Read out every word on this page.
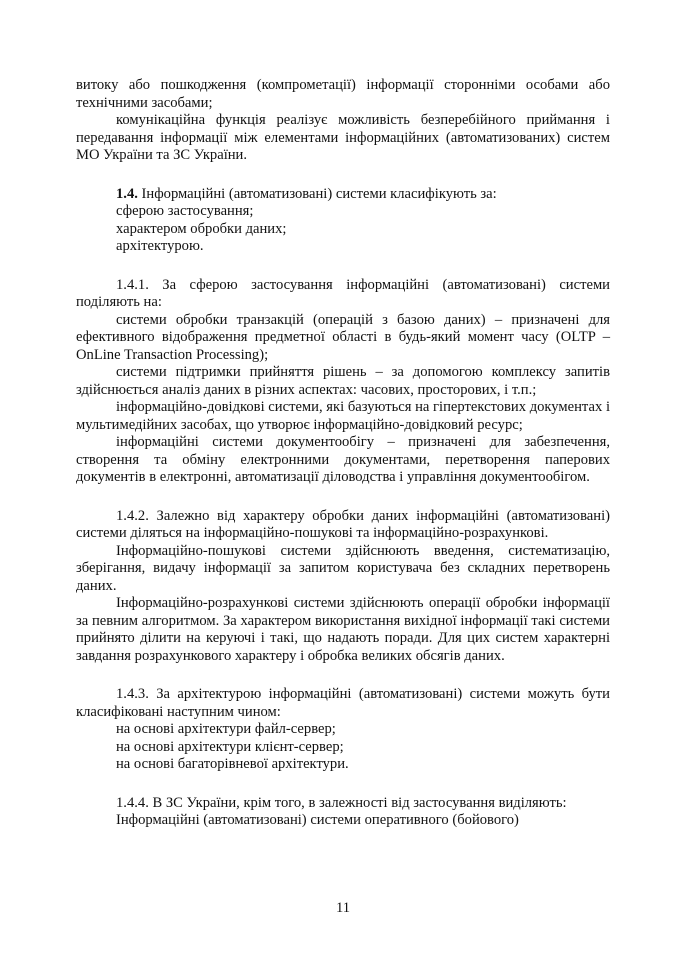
витоку або пошкодження (компрометації) інформації сторонніми особами або технічними засобами;

комунікаційна функція реалізує можливість безперебійного приймання і передавання інформації між елементами інформаційних (автоматизованих) систем МО України та ЗС України.

1.4. Інформаційні (автоматизовані) системи класифікують за:

сферою застосування;

характером обробки даних;

архітектурою.

1.4.1. За сферою застосування інформаційні (автоматизовані) системи поділяють на:

системи обробки транзакцій (операцій з базою даних) – призначені для ефективного відображення предметної області в будь-який момент часу (OLTP – OnLine Transaction Processing);

системи підтримки прийняття рішень – за допомогою комплексу запитів здійснюється аналіз даних в різних аспектах: часових, просторових, і т.п.;

інформаційно-довідкові системи, які базуються на гіпертекстових документах і мультимедійних засобах, що утворює інформаційно-довідковий ресурс;

інформаційні системи документообігу – призначені для забезпечення, створення та обміну електронними документами, перетворення паперових документів в електронні, автоматизації діловодства і управління документообігом.

1.4.2. Залежно від характеру обробки даних інформаційні (автоматизовані) системи діляться на інформаційно-пошукові та інформаційно-розрахункові.

Інформаційно-пошукові системи здійснюють введення, систематизацію, зберігання, видачу інформації за запитом користувача без складних перетворень даних.

Інформаційно-розрахункові системи здійснюють операції обробки інформації за певним алгоритмом. За характером використання вихідної інформації такі системи прийнято ділити на керуючі і такі, що надають поради. Для цих систем характерні завдання розрахункового характеру і обробка великих обсягів даних.

1.4.3. За архітектурою інформаційні (автоматизовані) системи можуть бути класифіковані наступним чином:

на основі архітектури файл-сервер;

на основі архітектури клієнт-сервер;

на основі багаторівневої архітектури.

1.4.4. В ЗС України, крім того, в залежності від застосування виділяють:

Інформаційні (автоматизовані) системи оперативного (бойового)

11
